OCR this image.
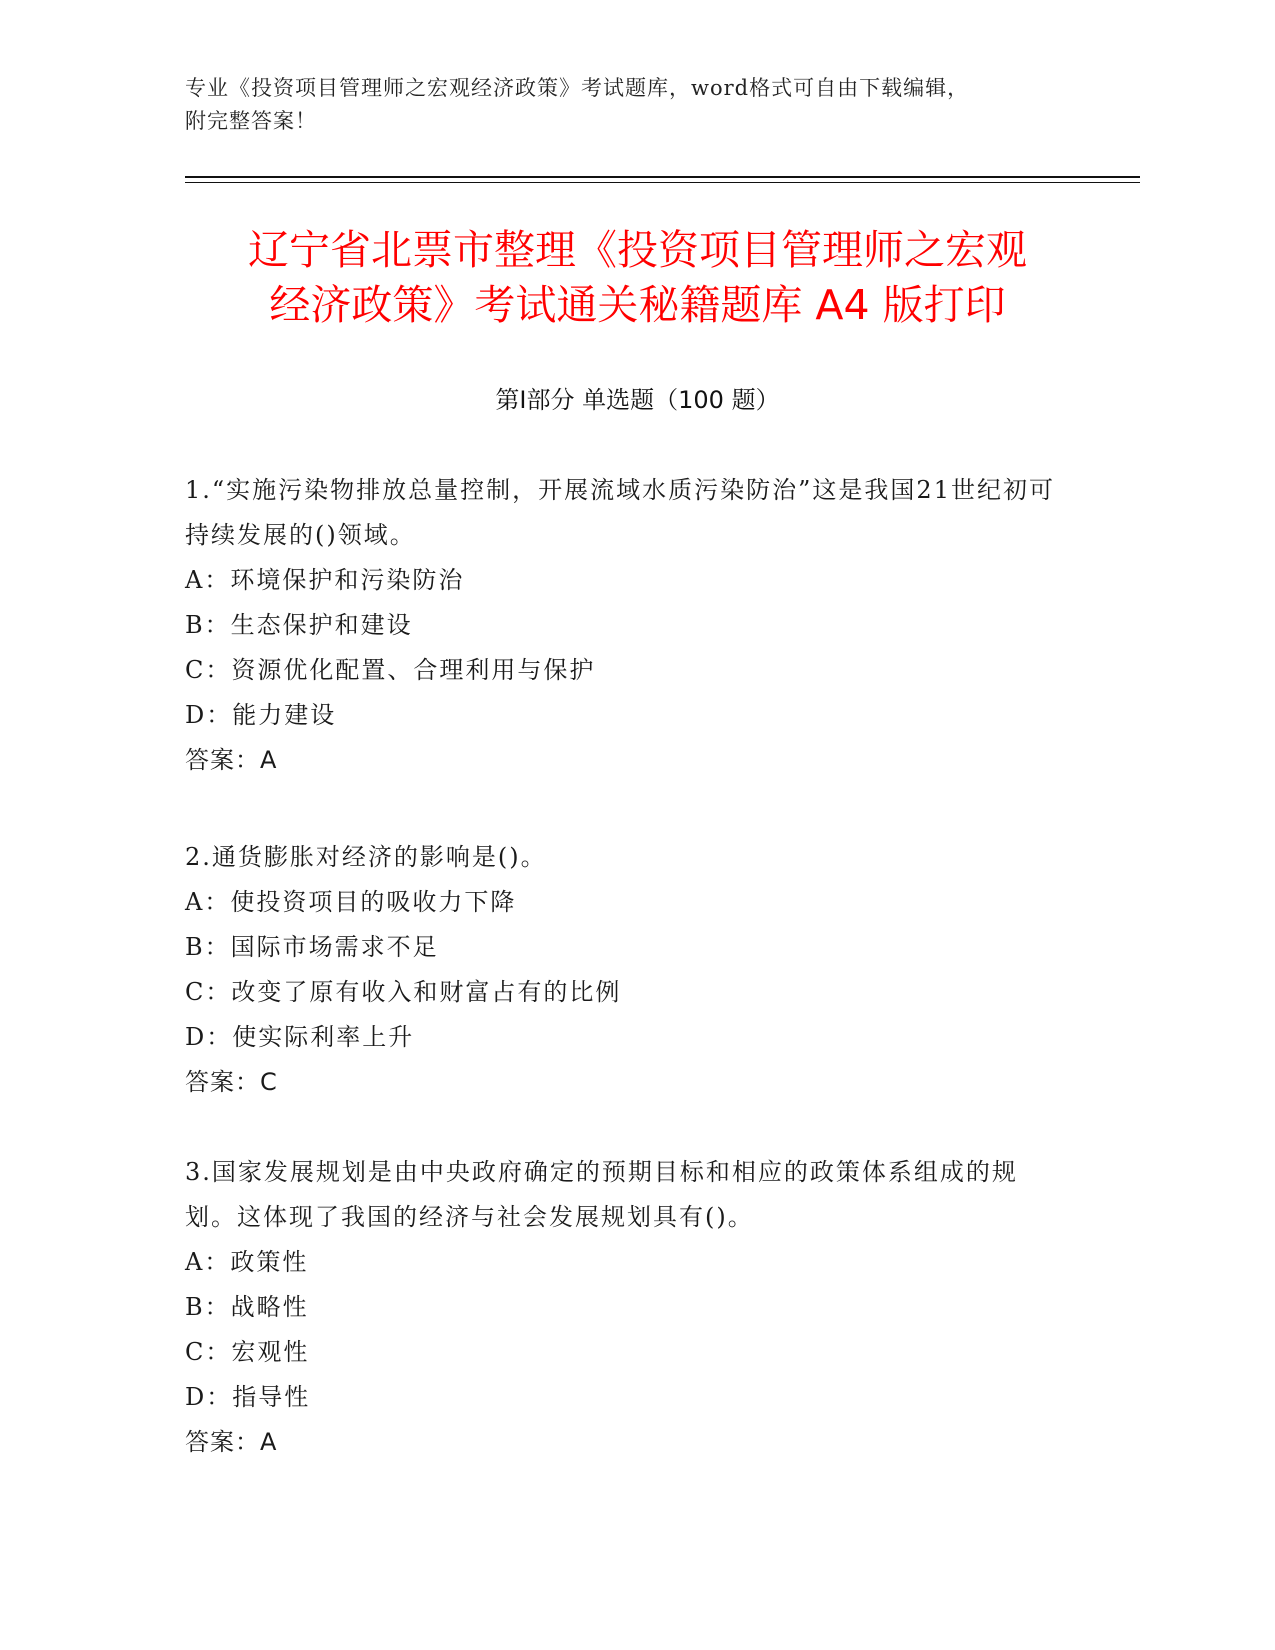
专业《投资项目管理师之宏观经济政策》考试题库，word格式可自由下载编辑，
附完整答案！
辽宁省北票市整理《投资项目管理师之宏观
经济政策》考试通关秘籍题库 A4 版打印
第Ⅰ部分 单选题（100 题）

1.“实施污染物排放总量控制，开展流域水质污染防治”这是我国21世纪初可持续发展的()领域。

A：环境保护和污染防治

B：生态保护和建设

C：资源优化配置、合理利用与保护

D：能力建设

答案：A

2.通货膨胀对经济的影响是()。

A：使投资项目的吸收力下降

B：国际市场需求不足

C：改变了原有收入和财富占有的比例

D：使实际利率上升

答案：C

3.国家发展规划是由中央政府确定的预期目标和相应的政策体系组成的规划。这体现了我国的经济与社会发展规划具有()。

A：政策性

B：战略性

C：宏观性

D：指导性

答案：A
